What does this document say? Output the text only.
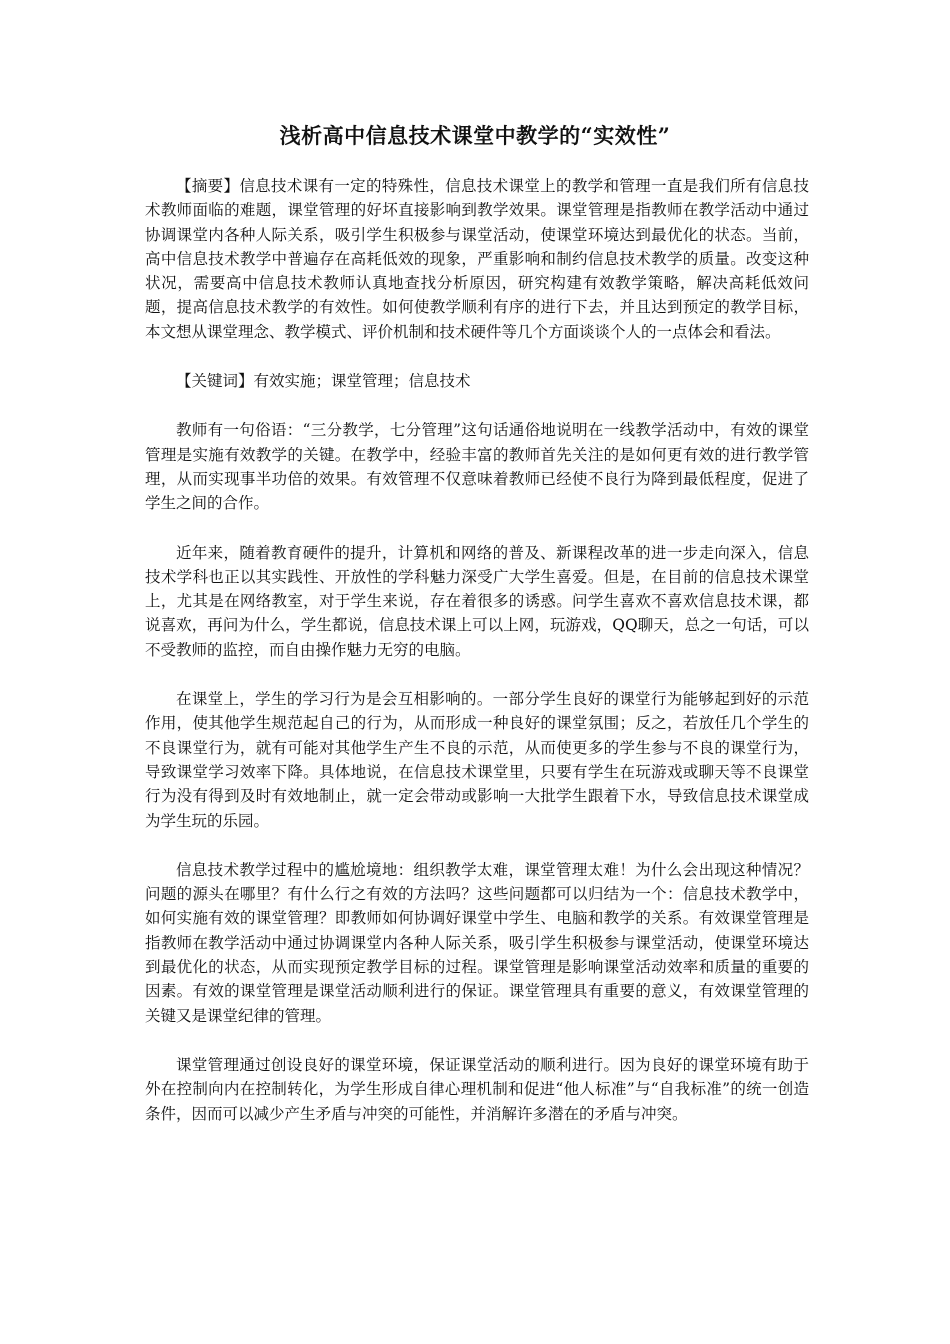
浅析高中信息技术课堂中教学的“实效性”

【摘要】信息技术课有一定的特殊性，信息技术课堂上的教学和管理一直是我们所有信息技术教师面临的难题，课堂管理的好坏直接影响到教学效果。课堂管理是指教师在教学活动中通过协调课堂内各种人际关系，吸引学生积极参与课堂活动，使课堂环境达到最优化的状态。当前，高中信息技术教学中普遍存在高耗低效的现象，严重影响和制约信息技术教学的质量。改变这种状况，需要高中信息技术教师认真地查找分析原因，研究构建有效教学策略，解决高耗低效问题，提高信息技术教学的有效性。如何使教学顺利有序的进行下去，并且达到预定的教学目标，本文想从课堂理念、教学模式、评价机制和技术硬件等几个方面谈谈个人的一点体会和看法。

【关键词】有效实施；课堂管理；信息技术

教师有一句俗语：“三分教学，七分管理”这句话通俗地说明在一线教学活动中，有效的课堂管理是实施有效教学的关键。在教学中，经验丰富的教师首先关注的是如何更有效的进行教学管理，从而实现事半功倍的效果。有效管理不仅意味着教师已经使不良行为降到最低程度，促进了学生之间的合作。

近年来，随着教育硬件的提升，计算机和网络的普及、新课程改革的进一步走向深入，信息技术学科也正以其实践性、开放性的学科魅力深受广大学生喜爱。但是，在目前的信息技术课堂上，尤其是在网络教室，对于学生来说，存在着很多的诱惑。问学生喜欢不喜欢信息技术课，都说喜欢，再问为什么，学生都说，信息技术课上可以上网，玩游戏，QQ聊天，总之一句话，可以不受教师的监控，而自由操作魅力无穷的电脑。

在课堂上，学生的学习行为是会互相影响的。一部分学生良好的课堂行为能够起到好的示范作用，使其他学生规范起自己的行为，从而形成一种良好的课堂氛围；反之，若放任几个学生的不良课堂行为，就有可能对其他学生产生不良的示范，从而使更多的学生参与不良的课堂行为，导致课堂学习效率下降。具体地说，在信息技术课堂里，只要有学生在玩游戏或聊天等不良课堂行为没有得到及时有效地制止，就一定会带动或影响一大批学生跟着下水，导致信息技术课堂成为学生玩的乐园。

信息技术教学过程中的尴尬境地：组织教学太难，课堂管理太难！为什么会出现这种情况？问题的源头在哪里？有什么行之有效的方法吗？这些问题都可以归结为一个：信息技术教学中，如何实施有效的课堂管理？即教师如何协调好课堂中学生、电脑和教学的关系。有效课堂管理是指教师在教学活动中通过协调课堂内各种人际关系，吸引学生积极参与课堂活动，使课堂环境达到最优化的状态，从而实现预定教学目标的过程。课堂管理是影响课堂活动效率和质量的重要的因素。有效的课堂管理是课堂活动顺利进行的保证。课堂管理具有重要的意义，有效课堂管理的关键又是课堂纪律的管理。

课堂管理通过创设良好的课堂环境，保证课堂活动的顺利进行。因为良好的课堂环境有助于外在控制向内在控制转化，为学生形成自律心理机制和促进“他人标准”与“自我标准”的统一创造条件，因而可以减少产生矛盾与冲突的可能性，并消解许多潜在的矛盾与冲突。
